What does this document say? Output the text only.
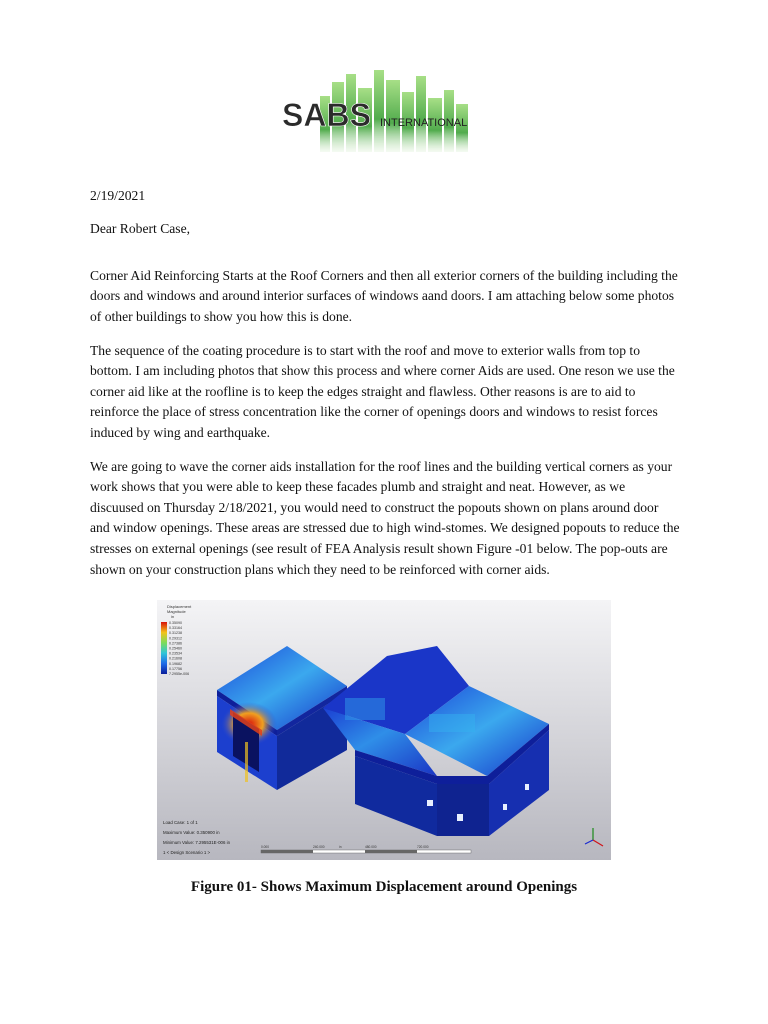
SABS INTERNATIONAL
2/19/2021
Dear Robert Case,

Corner Aid Reinforcing Starts at the Roof Corners and then all exterior corners of the building including the doors and windows and around interior surfaces of windows aand doors. I am attaching below some photos of other buildings to show you how this is done.

The sequence of the coating procedure is to start with the roof and move to exterior walls from top to bottom. I am including photos that show this process and where corner Aids are used. One reson we use the corner aid like at the roofline is to keep the edges straight and flawless. Other reasons is are to aid to reinforce the place of stress concentration like the corner of openings doors and windows to resist forces induced by wing and earthquake.

We are going to wave the corner aids installation for the roof lines and the building vertical corners as your work shows that you were able to keep these facades plumb and straight and neat. However, as we discuused on Thursday 2/18/2021, you would need to construct the popouts shown on plans around door and window openings. These areas are stressed due to high wind-stomes. We designed popouts to reduce the stresses on external openings (see result of FEA Analysis result shown Figure -01 below. The pop-outs are shown on your construction plans which they need to be reinforced with corner aids.

Displacement
Magnitude
in
0.35090
0.33164
0.31238
0.29312
0.27386
0.25460
0.23534
0.21608
0.19682
0.17756
7.2955e-006
Load Case: 1 of 1
Maximum Value: 0.350900 in
Minimum Value: 7.295531E-006 in
1 < Design Scenario 1 >
0.000	240.000	in	480.000	720.000
Figure 01- Shows Maximum Displacement around Openings
